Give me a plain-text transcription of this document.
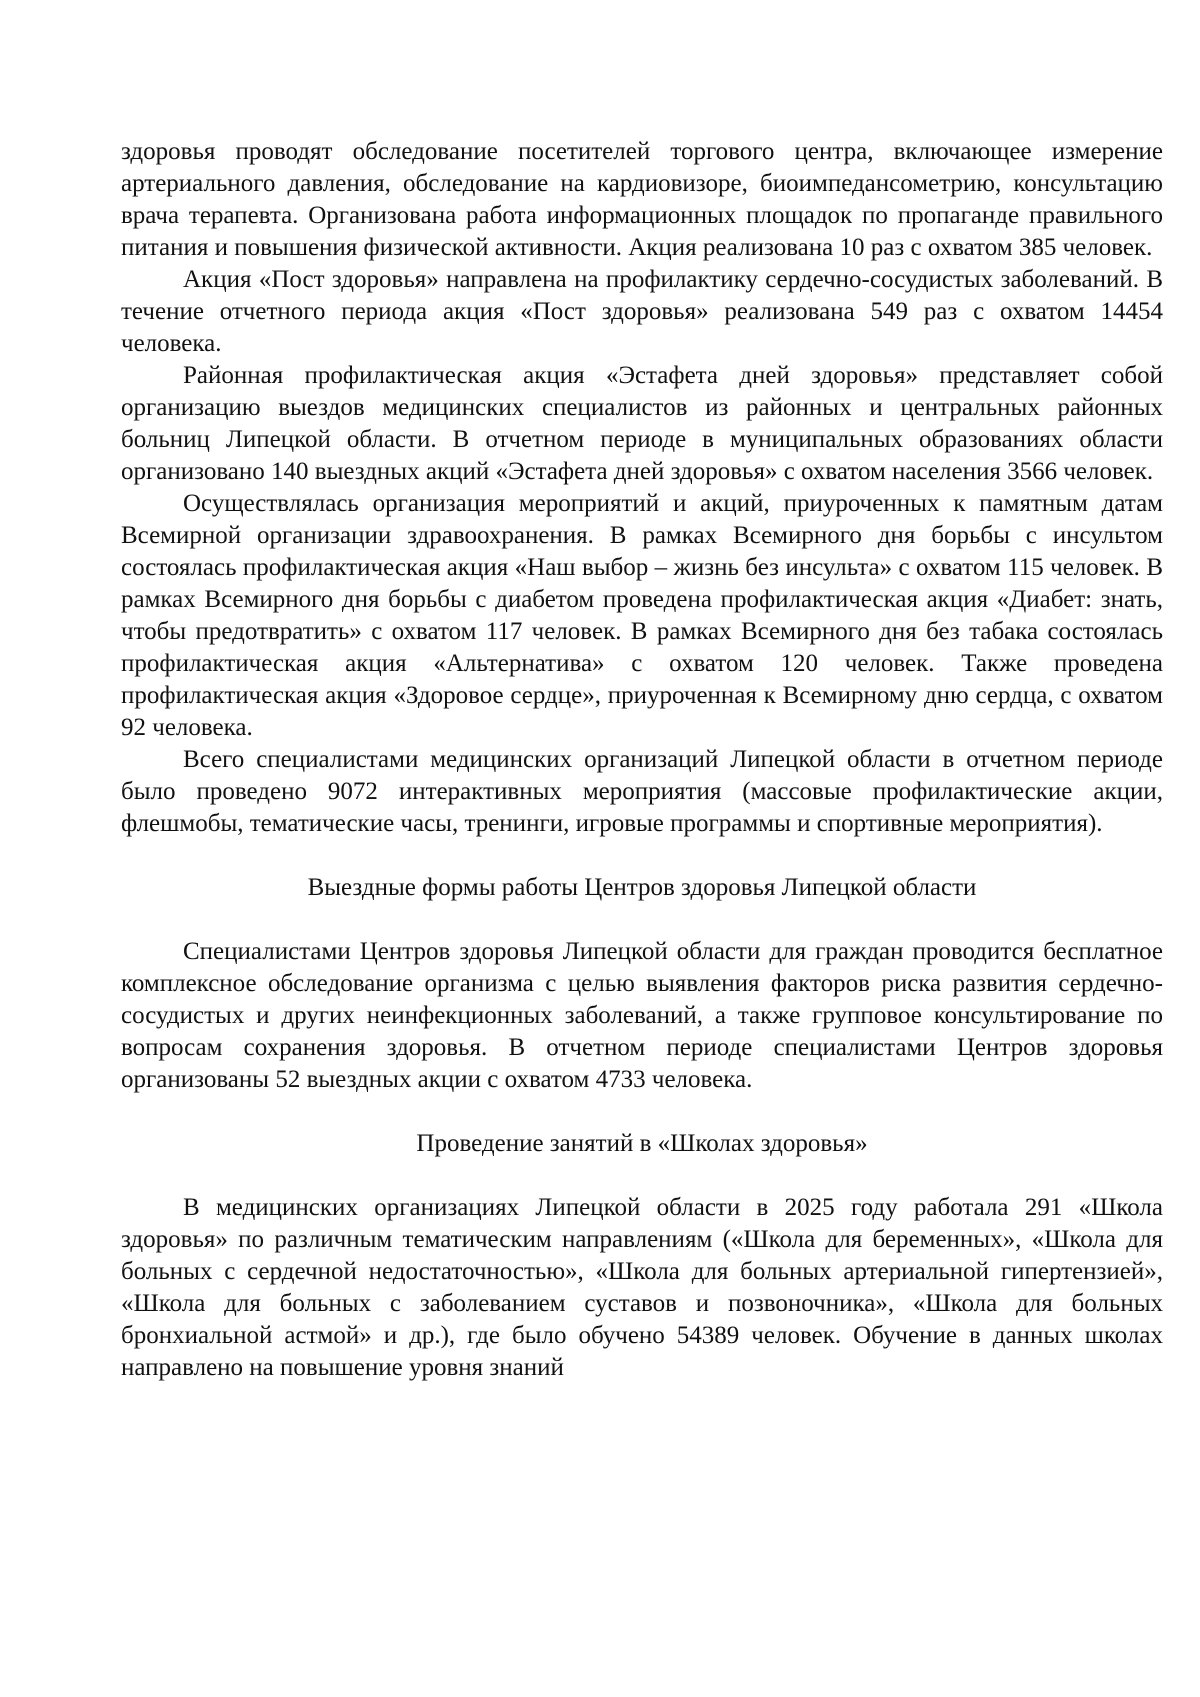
здоровья проводят обследование посетителей торгового центра, включающее измерение артериального давления, обследование на кардиовизоре, биоимпедансометрию, консультацию врача терапевта. Организована работа информационных площадок по пропаганде правильного питания и повышения физической активности. Акция реализована 10 раз с охватом 385 человек.

Акция «Пост здоровья» направлена на профилактику сердечно-сосудистых заболеваний. В течение отчетного периода акция «Пост здоровья» реализована 549 раз с охватом 14454 человека.

Районная профилактическая акция «Эстафета дней здоровья» представляет собой организацию выездов медицинских специалистов из районных и центральных районных больниц Липецкой области. В отчетном периоде в муниципальных образованиях области организовано 140 выездных акций «Эстафета дней здоровья» с охватом населения 3566 человек.

Осуществлялась организация мероприятий и акций, приуроченных к памятным датам Всемирной организации здравоохранения. В рамках Всемирного дня борьбы с инсультом состоялась профилактическая акция «Наш выбор – жизнь без инсульта» с охватом 115 человек. В рамках Всемирного дня борьбы с диабетом проведена профилактическая акция «Диабет: знать, чтобы предотвратить» с охватом 117 человек. В рамках Всемирного дня без табака состоялась профилактическая акция «Альтернатива» с охватом 120 человек. Также проведена профилактическая акция «Здоровое сердце», приуроченная к Всемирному дню сердца, с охватом 92 человека.

Всего специалистами медицинских организаций Липецкой области в отчетном периоде было проведено 9072 интерактивных мероприятия (массовые профилактические акции, флешмобы, тематические часы, тренинги, игровые программы и спортивные мероприятия).

Выездные формы работы Центров здоровья Липецкой области

Специалистами Центров здоровья Липецкой области для граждан проводится бесплатное комплексное обследование организма с целью выявления факторов риска развития сердечно-сосудистых и других неинфекционных заболеваний, а также групповое консультирование по вопросам сохранения здоровья. В отчетном периоде специалистами Центров здоровья организованы 52 выездных акции с охватом 4733 человека.

Проведение занятий в «Школах здоровья»

В медицинских организациях Липецкой области в 2025 году работала 291 «Школа здоровья» по различным тематическим направлениям («Школа для беременных», «Школа для больных с сердечной недостаточностью», «Школа для больных артериальной гипертензией», «Школа для больных с заболеванием суставов и позвоночника», «Школа для больных бронхиальной астмой» и др.), где было обучено 54389 человек. Обучение в данных школах направлено на повышение уровня знаний
